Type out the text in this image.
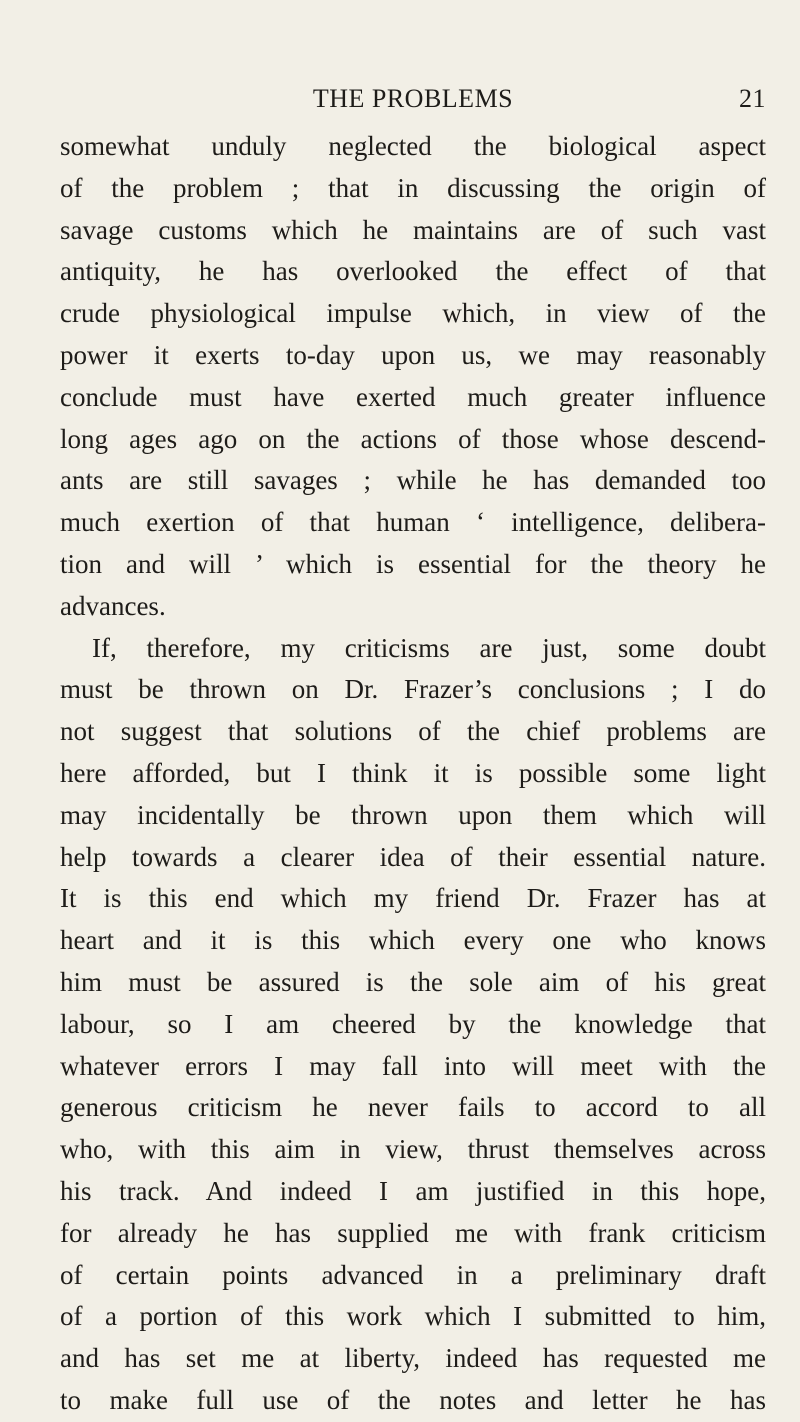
THE PROBLEMS	21
somewhat unduly neglected the biological aspect
of the problem ; that in discussing the origin of
savage customs which he maintains are of such vast
antiquity, he has overlooked the effect of that
crude physiological impulse which, in view of the
power it exerts to-day upon us, we may reasonably
conclude must have exerted much greater influence
long ages ago on the actions of those whose descend-
ants are still savages ; while he has demanded too
much exertion of that human ‘ intelligence, delibera-
tion and will ’ which is essential for the theory he
advances.
If, therefore, my criticisms are just, some doubt
must be thrown on Dr. Frazer’s conclusions ; I do
not suggest that solutions of the chief problems are
here afforded, but I think it is possible some light
may incidentally be thrown upon them which will
help towards a clearer idea of their essential nature.
It is this end which my friend Dr. Frazer has at
heart and it is this which every one who knows
him must be assured is the sole aim of his great
labour, so I am cheered by the knowledge that
whatever errors I may fall into will meet with the
generous criticism he never fails to accord to all
who, with this aim in view, thrust themselves across
his track. And indeed I am justified in this hope,
for already he has supplied me with frank criticism
of certain points advanced in a preliminary draft
of a portion of this work which I submitted to him,
and has set me at liberty, indeed has requested me
to make full use of the notes and letter he has
